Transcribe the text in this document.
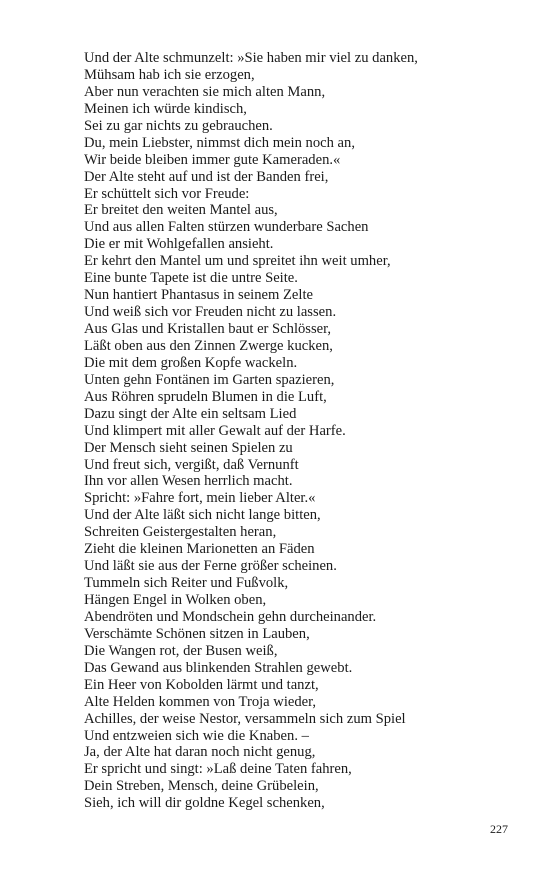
Und der Alte schmunzelt: »Sie haben mir viel zu danken,
Mühsam hab ich sie erzogen,
Aber nun verachten sie mich alten Mann,
Meinen ich würde kindisch,
Sei zu gar nichts zu gebrauchen.
Du, mein Liebster, nimmst dich mein noch an,
Wir beide bleiben immer gute Kameraden.«
Der Alte steht auf und ist der Banden frei,
Er schüttelt sich vor Freude:
Er breitet den weiten Mantel aus,
Und aus allen Falten stürzen wunderbare Sachen
Die er mit Wohlgefallen ansieht.
Er kehrt den Mantel um und spreitet ihn weit umher,
Eine bunte Tapete ist die untre Seite.
Nun hantiert Phantasus in seinem Zelte
Und weiß sich vor Freuden nicht zu lassen.
Aus Glas und Kristallen baut er Schlösser,
Läßt oben aus den Zinnen Zwerge kucken,
Die mit dem großen Kopfe wackeln.
Unten gehn Fontänen im Garten spazieren,
Aus Röhren sprudeln Blumen in die Luft,
Dazu singt der Alte ein seltsam Lied
Und klimpert mit aller Gewalt auf der Harfe.
Der Mensch sieht seinen Spielen zu
Und freut sich, vergißt, daß Vernunft
Ihn vor allen Wesen herrlich macht.
Spricht: »Fahre fort, mein lieber Alter.«
Und der Alte läßt sich nicht lange bitten,
Schreiten Geistergestalten heran,
Zieht die kleinen Marionetten an Fäden
Und läßt sie aus der Ferne größer scheinen.
Tummeln sich Reiter und Fußvolk,
Hängen Engel in Wolken oben,
Abendröten und Mondschein gehn durcheinander.
Verschämte Schönen sitzen in Lauben,
Die Wangen rot, der Busen weiß,
Das Gewand aus blinkenden Strahlen gewebt.
Ein Heer von Kobolden lärmt und tanzt,
Alte Helden kommen von Troja wieder,
Achilles, der weise Nestor, versammeln sich zum Spiel
Und entzweien sich wie die Knaben. –
Ja, der Alte hat daran noch nicht genug,
Er spricht und singt: »Laß deine Taten fahren,
Dein Streben, Mensch, deine Grübelein,
Sieh, ich will dir goldne Kegel schenken,
227
